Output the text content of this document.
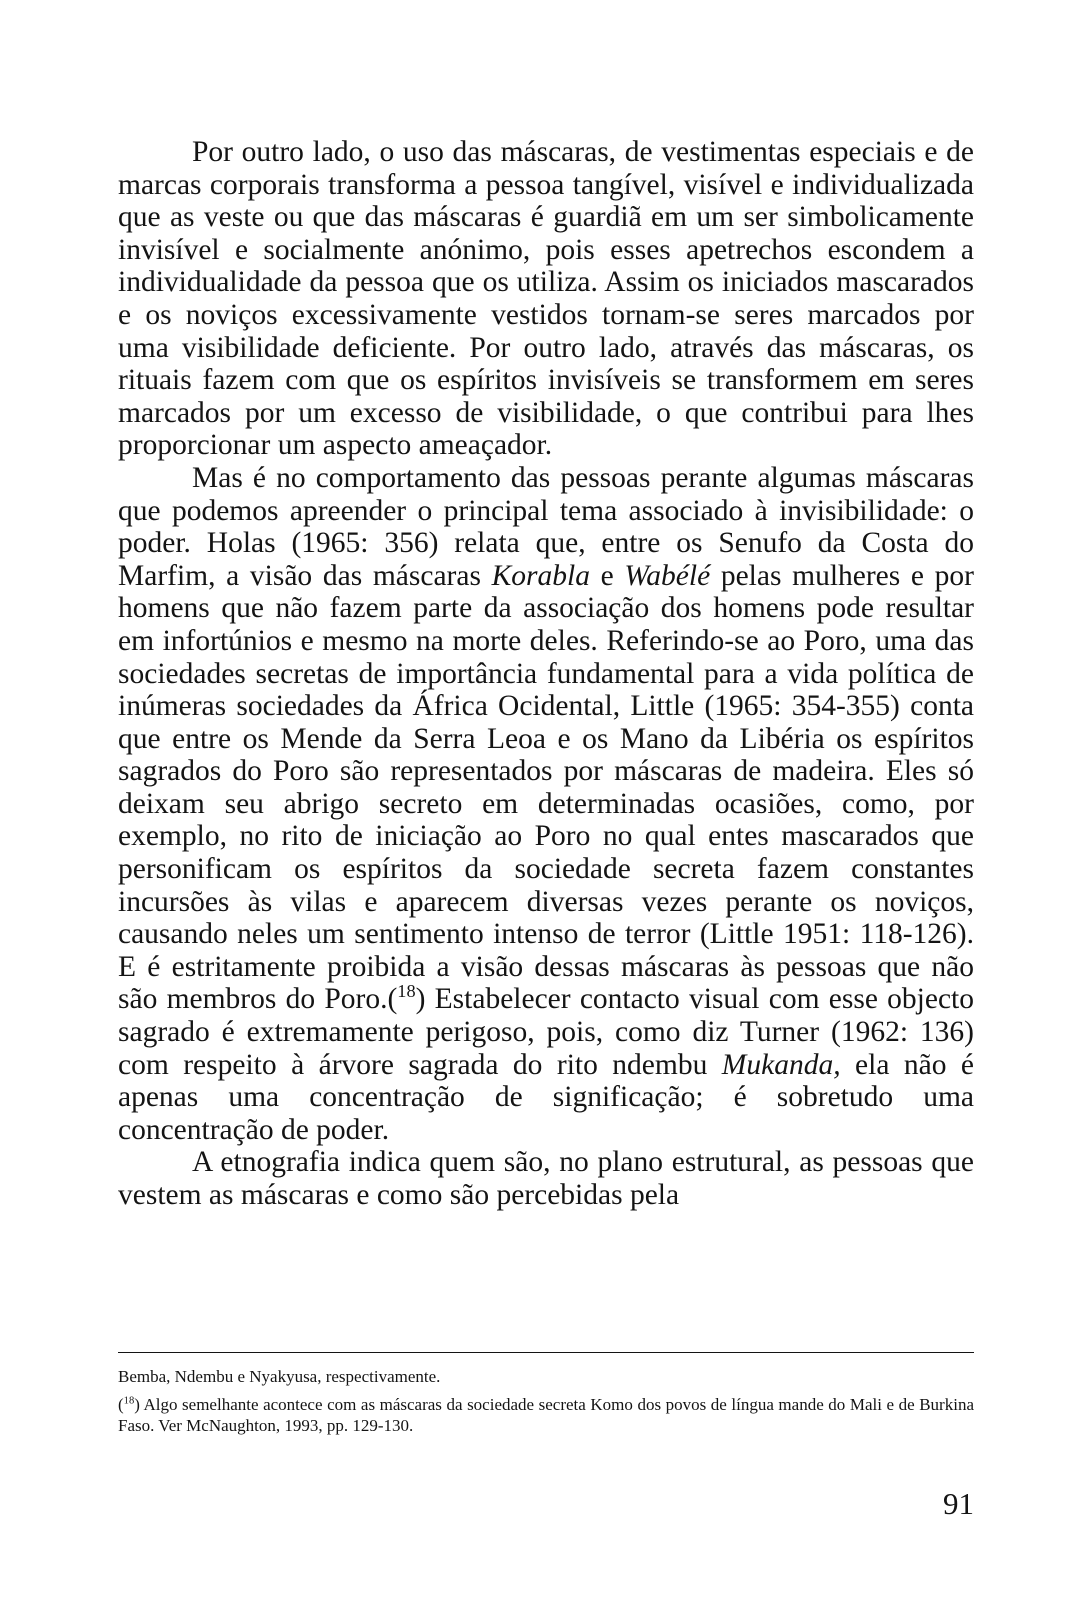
Por outro lado, o uso das máscaras, de vestimentas especiais e de marcas corporais transforma a pessoa tangível, visível e individualizada que as veste ou que das máscaras é guardiã em um ser simbolicamente invisível e socialmente anónimo, pois esses apetrechos escondem a individualidade da pessoa que os utiliza. Assim os iniciados mascarados e os noviços excessivamente vestidos tornam-se seres marcados por uma visibilidade deficiente. Por outro lado, através das máscaras, os rituais fazem com que os espíritos invisíveis se transformem em seres marcados por um excesso de visibilidade, o que contribui para lhes proporcionar um aspecto ameaçador.

Mas é no comportamento das pessoas perante algumas máscaras que podemos apreender o principal tema associado à invisibilidade: o poder. Holas (1965: 356) relata que, entre os Senufo da Costa do Marfim, a visão das máscaras Korabla e Wabélé pelas mulheres e por homens que não fazem parte da associação dos homens pode resultar em infortúnios e mesmo na morte deles. Referindo-se ao Poro, uma das sociedades secretas de importância fundamental para a vida política de inúmeras sociedades da África Ocidental, Little (1965: 354-355) conta que entre os Mende da Serra Leoa e os Mano da Libéria os espíritos sagrados do Poro são representados por máscaras de madeira. Eles só deixam seu abrigo secreto em determinadas ocasiões, como, por exemplo, no rito de iniciação ao Poro no qual entes mascarados que personificam os espíritos da sociedade secreta fazem constantes incursões às vilas e aparecem diversas vezes perante os noviços, causando neles um sentimento intenso de terror (Little 1951: 118-126). E é estritamente proibida a visão dessas máscaras às pessoas que não são membros do Poro.($^{18}$) Estabelecer contacto visual com esse objecto sagrado é extremamente perigoso, pois, como diz Turner (1962: 136) com respeito à árvore sagrada do rito ndembu Mukanda, ela não é apenas uma concentração de significação; é sobretudo uma concentração de poder.

A etnografia indica quem são, no plano estrutural, as pessoas que vestem as máscaras e como são percebidas pela

Bemba, Ndembu e Nyakyusa, respectivamente.

($^{18}$) Algo semelhante acontece com as máscaras da sociedade secreta Komo dos povos de língua mande do Mali e de Burkina Faso. Ver McNaughton, 1993, pp. 129-130.

91
